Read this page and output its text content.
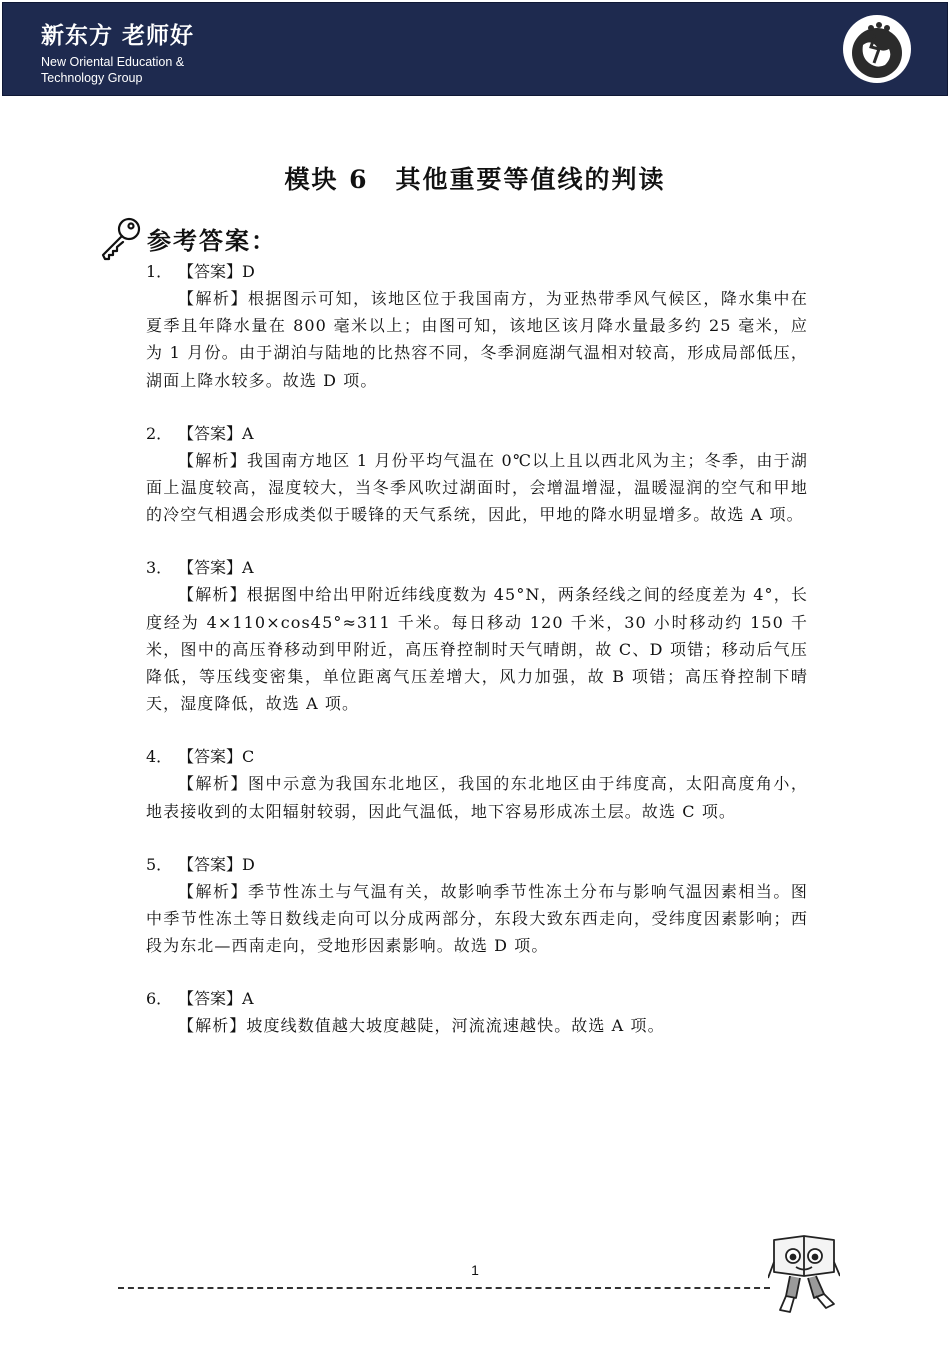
新东方 老师好
New Oriental Education &
Technology Group
模块 6　其他重要等值线的判读
参考答案：
1． 【答案】D
【解析】根据图示可知，该地区位于我国南方，为亚热带季风气候区，降水集中在夏季且年降水量在 800 毫米以上；由图可知，该地区该月降水量最多约 25 毫米，应为 1 月份。由于湖泊与陆地的比热容不同，冬季洞庭湖气温相对较高，形成局部低压，湖面上降水较多。故选 D 项。
2． 【答案】A
【解析】我国南方地区 1 月份平均气温在 0℃以上且以西北风为主；冬季，由于湖面上温度较高，湿度较大，当冬季风吹过湖面时，会增温增湿，温暖湿润的空气和甲地的冷空气相遇会形成类似于暖锋的天气系统，因此，甲地的降水明显增多。故选 A 项。
3． 【答案】A
【解析】根据图中给出甲附近纬线度数为 45°N，两条经线之间的经度差为 4°，长度经为 4×110×cos45°≈311 千米。每日移动 120 千米，30 小时移动约 150 千米，图中的高压脊移动到甲附近，高压脊控制时天气晴朗，故 C、D 项错；移动后气压降低，等压线变密集，单位距离气压差增大，风力加强，故 B 项错；高压脊控制下晴天，湿度降低，故选 A 项。
4． 【答案】C
【解析】图中示意为我国东北地区，我国的东北地区由于纬度高，太阳高度角小，地表接收到的太阳辐射较弱，因此气温低，地下容易形成冻土层。故选 C 项。
5． 【答案】D
【解析】季节性冻土与气温有关，故影响季节性冻土分布与影响气温因素相当。图中季节性冻土等日数线走向可以分成两部分，东段大致东西走向，受纬度因素影响；西段为东北—西南走向，受地形因素影响。故选 D 项。
6． 【答案】A
【解析】坡度线数值越大坡度越陡，河流流速越快。故选 A 项。
1
